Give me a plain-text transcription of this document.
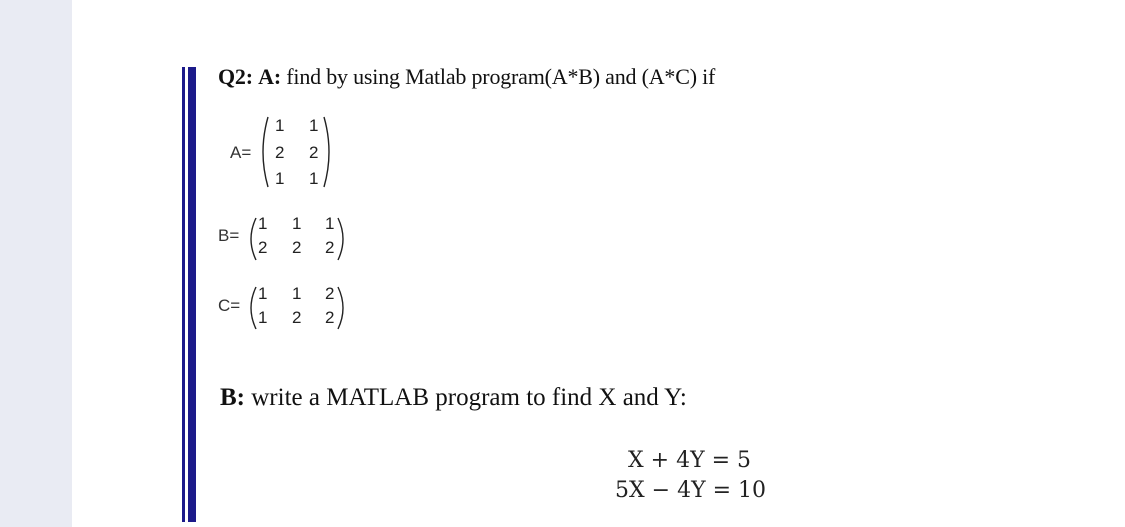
Q2: A: find by using Matlab program(A*B) and (A*C) if
A=
1 1
2 2
1 1
B=
1 1 1
2 2 2
C=
1 1 2
1 2 2
B: write a MATLAB program to find X and Y:
X + 4Y = 5
5X − 4Y = 10
